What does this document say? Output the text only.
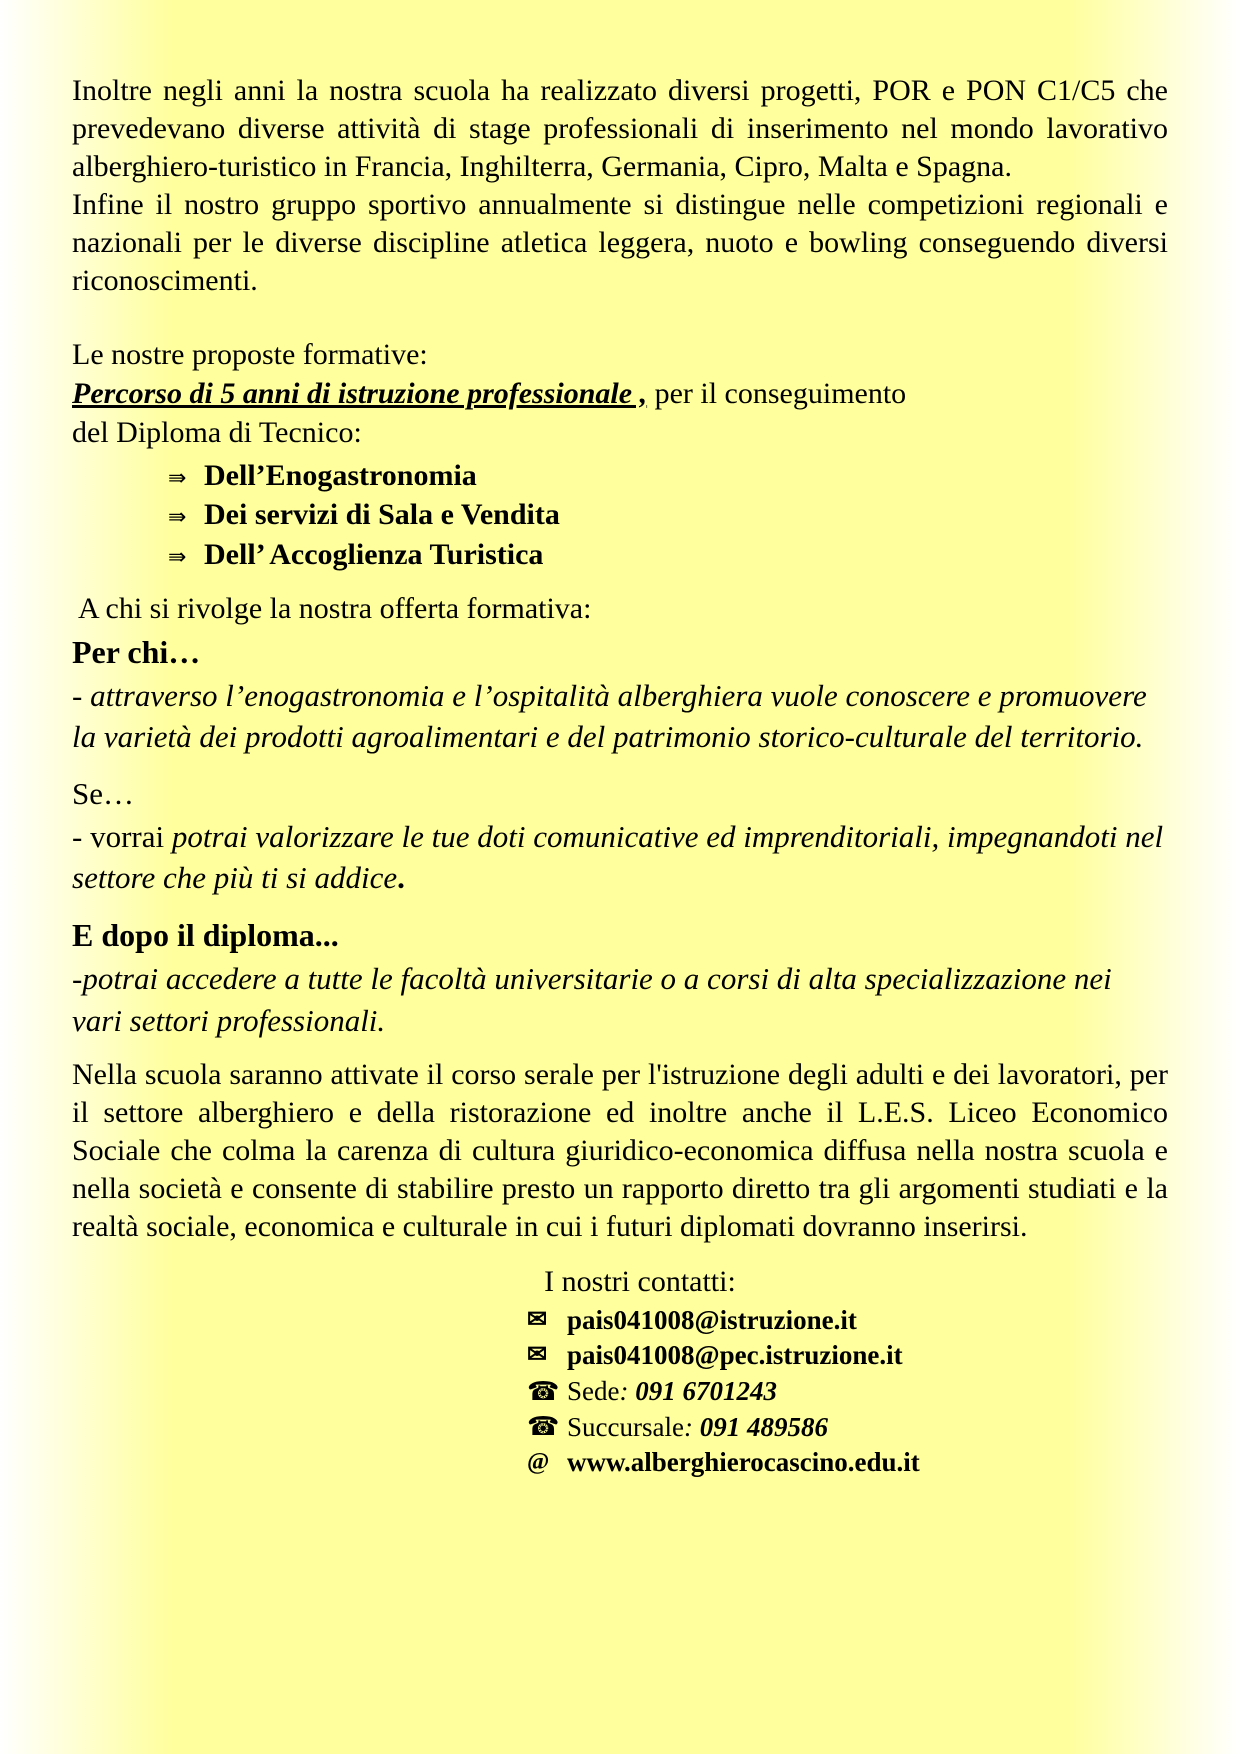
Inoltre negli anni la nostra scuola ha realizzato diversi progetti, POR e PON C1/C5 che prevedevano diverse attività di stage professionali di inserimento nel mondo lavorativo alberghiero-turistico in Francia, Inghilterra, Germania, Cipro, Malta e Spagna.

Infine il nostro gruppo sportivo annualmente si distingue nelle competizioni regionali e nazionali per le diverse discipline atletica leggera, nuoto e bowling conseguendo diversi riconoscimenti.

Le nostre proposte formative:
Percorso di 5 anni di istruzione professionale , per il conseguimento
del Diploma di Tecnico:
⇛ Dell’Enogastronomia
⇛ Dei servizi di Sala e Vendita
⇛ Dell’ Accoglienza Turistica
A chi si rivolge la nostra offerta formativa:
Per chi…
- attraverso l’enogastronomia e l’ospitalità alberghiera vuole conoscere e promuovere la varietà dei prodotti agroalimentari e del patrimonio storico-culturale del territorio.
Se…
- vorrai potrai valorizzare le tue doti comunicative ed imprenditoriali, impegnandoti nel settore che più ti si addice.
E dopo il diploma...
-potrai accedere a tutte le facoltà universitarie o a corsi di alta specializzazione nei vari settori professionali.

Nella scuola saranno attivate il corso serale per l'istruzione degli adulti e dei lavoratori, per il settore alberghiero e della ristorazione ed inoltre anche il L.E.S. Liceo Economico Sociale che colma la carenza di cultura giuridico-economica diffusa nella nostra scuola e nella società e consente di stabilire presto un rapporto diretto tra gli argomenti studiati e la realtà sociale, economica e culturale in cui i futuri diplomati dovranno inserirsi.

I nostri contatti:
✉ pais041008@istruzione.it
✉ pais041008@pec.istruzione.it
☎ Sede: 091 6701243
☎ Succursale: 091 489586
@ www.alberghierocascino.edu.it
